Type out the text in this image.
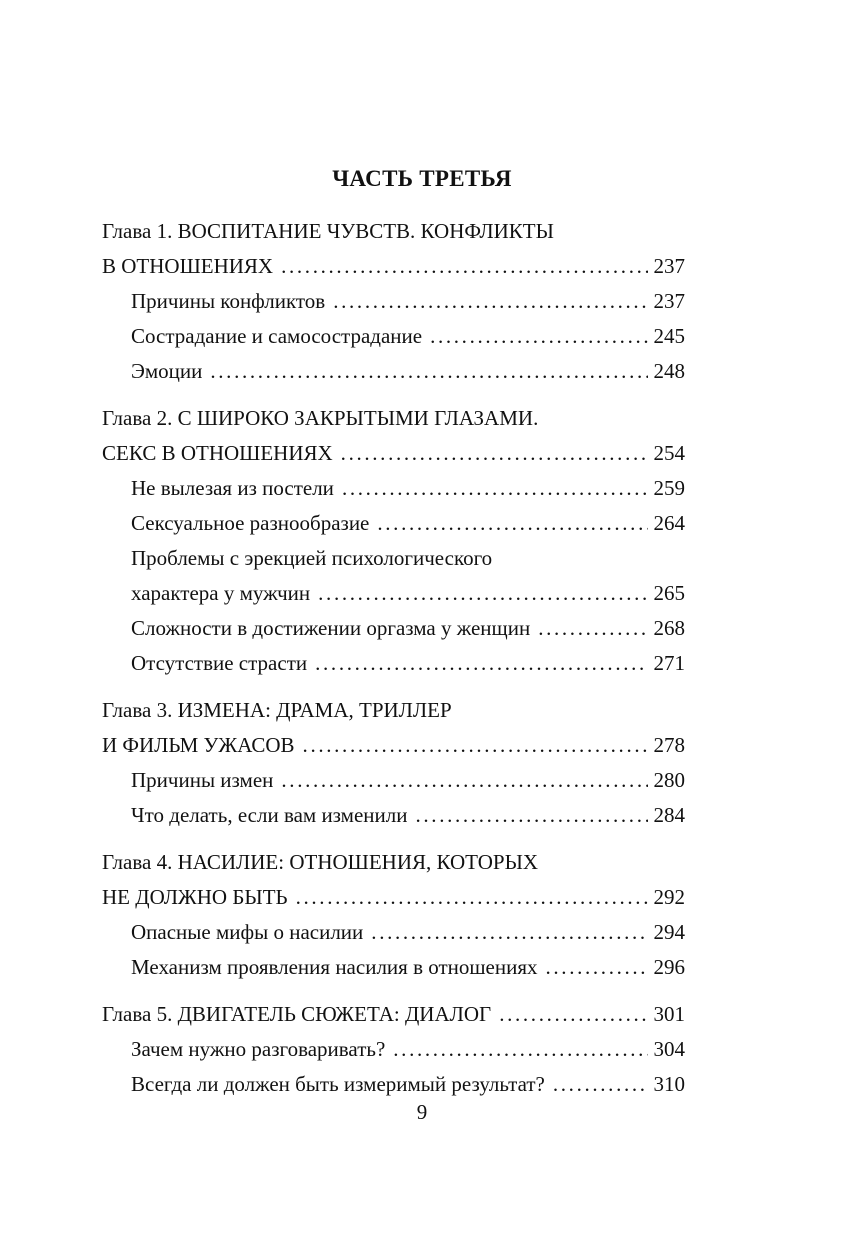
ЧАСТЬ ТРЕТЬЯ
Глава 1. ВОСПИТАНИЕ ЧУВСТВ. КОНФЛИКТЫ
В ОТНОШЕНИЯХ . . .	237
Причины конфликтов . . .	237
Сострадание и самосострадание . . .	245
Эмоции . . .	248
Глава 2. С ШИРОКО ЗАКРЫТЫМИ ГЛАЗАМИ.
СЕКС В ОТНОШЕНИЯХ . . .	254
Не вылезая из постели . . .	259
Сексуальное разнообразие . . .	264
Проблемы с эрекцией психологического
характера у мужчин . . .	265
Сложности в достижении оргазма у женщин . . .	268
Отсутствие страсти . . .	271
Глава 3. ИЗМЕНА: ДРАМА, ТРИЛЛЕР
И ФИЛЬМ УЖАСОВ . . .	278
Причины измен . . .	280
Что делать, если вам изменили . . .	284
Глава 4. НАСИЛИЕ: ОТНОШЕНИЯ, КОТОРЫХ
НЕ ДОЛЖНО БЫТЬ . . .	292
Опасные мифы о насилии . . .	294
Механизм проявления насилия в отношениях . . .	296
Глава 5. ДВИГАТЕЛЬ СЮЖЕТА: ДИАЛОГ . . .	301
Зачем нужно разговаривать? . . .	304
Всегда ли должен быть измеримый результат? . . .	310
9
